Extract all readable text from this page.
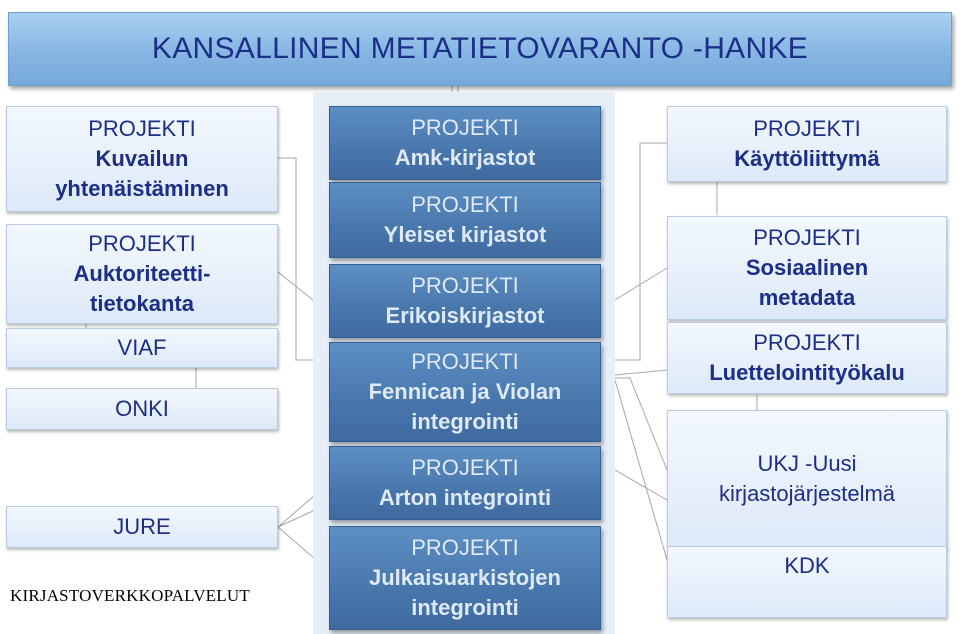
KANSALLINEN METATIETOVARANTO -HANKE
PROJEKTI
Kuvailun
yhtenäistäminen
PROJEKTI
Auktoriteetti-
tietokanta
VIAF
ONKI
JURE
KIRJASTOVERKKOPALVELUT
PROJEKTI
Amk-kirjastot
PROJEKTI
Yleiset kirjastot
PROJEKTI
Erikoiskirjastot
PROJEKTI
Fennican ja Violan
integrointi
PROJEKTI
Arton integrointi
PROJEKTI
Julkaisuarkistojen
integrointi
PROJEKTI
Käyttöliittymä
PROJEKTI
Sosiaalinen
metadata
PROJEKTI
Luettelointityökalu
UKJ -Uusi
kirjastojärjestelmä
KDK
